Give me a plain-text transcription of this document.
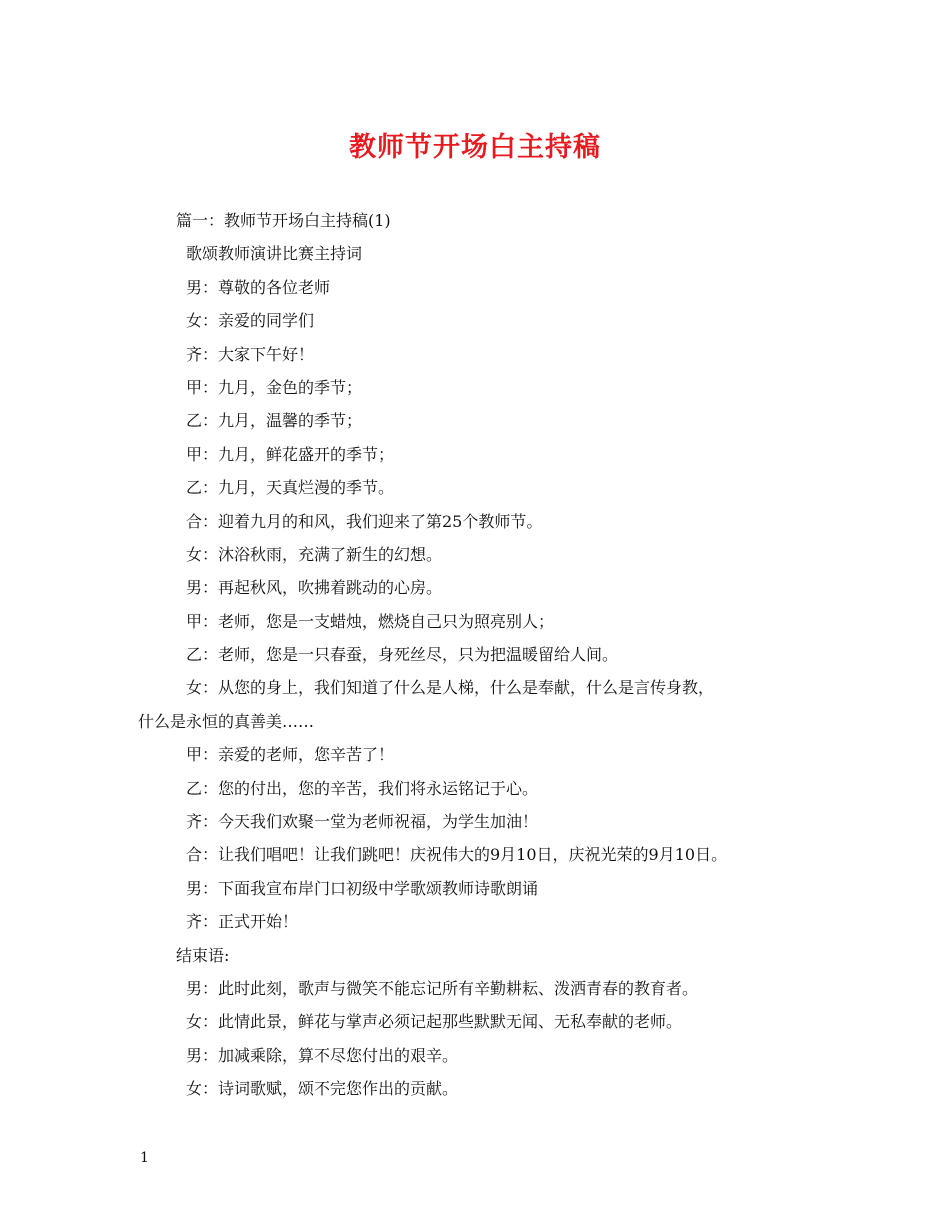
教师节开场白主持稿
篇一：教师节开场白主持稿(1)
歌颂教师演讲比赛主持词
男：尊敬的各位老师
女：亲爱的同学们
齐：大家下午好！
甲：九月，金色的季节；
乙：九月，温馨的季节；
甲：九月，鲜花盛开的季节；
乙：九月，天真烂漫的季节。
合：迎着九月的和风，我们迎来了第25个教师节。
女：沐浴秋雨，充满了新生的幻想。
男：再起秋风，吹拂着跳动的心房。
甲：老师，您是一支蜡烛，燃烧自己只为照亮别人；
乙：老师，您是一只春蚕，身死丝尽，只为把温暖留给人间。
女：从您的身上，我们知道了什么是人梯，什么是奉献，什么是言传身教，
什么是永恒的真善美……
甲：亲爱的老师，您辛苦了！
乙：您的付出，您的辛苦，我们将永运铭记于心。
齐：今天我们欢聚一堂为老师祝福，为学生加油！
合：让我们唱吧！让我们跳吧！庆祝伟大的9月10日，庆祝光荣的9月10日。
男：下面我宣布岸门口初级中学歌颂教师诗歌朗诵
齐：正式开始！
结束语:
男：此时此刻，歌声与微笑不能忘记所有辛勤耕耘、泼洒青春的教育者。
女：此情此景，鲜花与掌声必须记起那些默默无闻、无私奉献的老师。
男：加减乘除，算不尽您付出的艰辛。
女：诗词歌赋，颂不完您作出的贡献。
1
